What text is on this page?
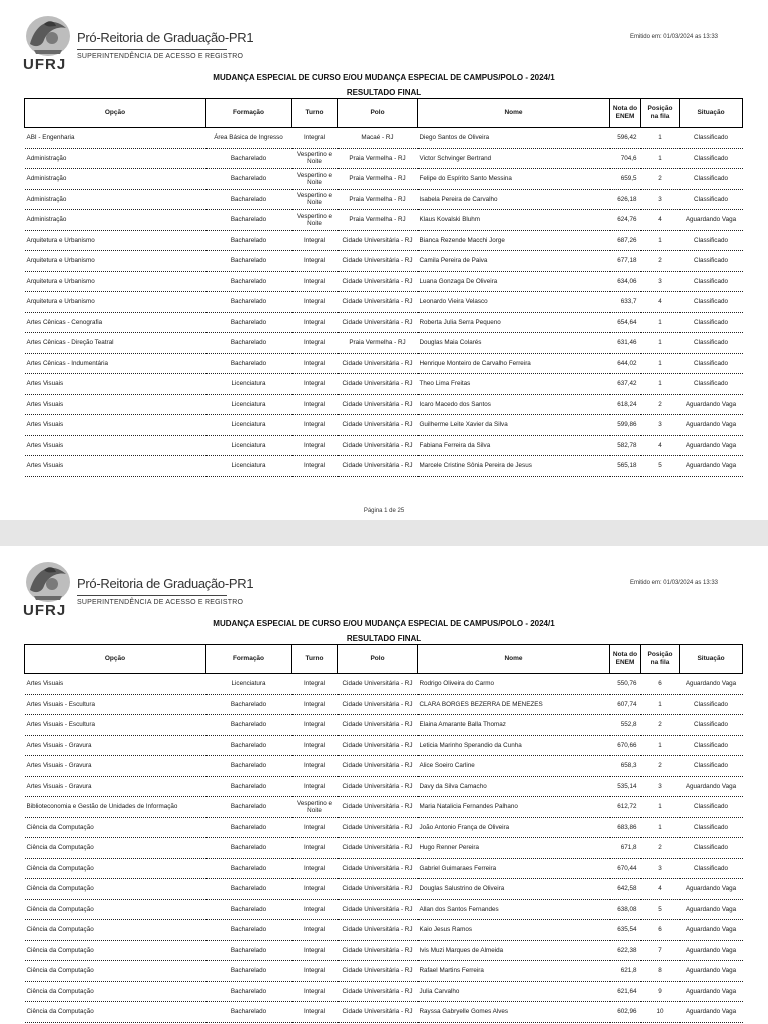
UFRJ
Pró-Reitoria de Graduação-PR1
SUPERINTENDÊNCIA DE ACESSO E REGISTRO
Emitido em: 01/03/2024 as 13:33
MUDANÇA ESPECIAL DE CURSO E/OU MUDANÇA ESPECIAL DE CAMPUS/POLO - 2024/1
RESULTADO FINAL
Opção	Formação	Turno	Polo	Nome	Nota do ENEM	Posição na fila	Situação
ABI - Engenharia	Área Básica de Ingresso	Integral	Macaé - RJ	Diego Santos de Oliveira	596,42	1	Classificado
Administração	Bacharelado	Vespertino e Noite	Praia Vermelha - RJ	Victor Schvinger Bertrand	704,6	1	Classificado
Administração	Bacharelado	Vespertino e Noite	Praia Vermelha - RJ	Felipe do Espírito Santo Messina	659,5	2	Classificado
Administração	Bacharelado	Vespertino e Noite	Praia Vermelha - RJ	Isabela Pereira de Carvalho	626,18	3	Classificado
Administração	Bacharelado	Vespertino e Noite	Praia Vermelha - RJ	Klaus Kovalski Bluhm	624,76	4	Aguardando Vaga
Arquitetura e Urbanismo	Bacharelado	Integral	Cidade Universitária - RJ	Bianca Rezende Macchi Jorge	687,26	1	Classificado
Arquitetura e Urbanismo	Bacharelado	Integral	Cidade Universitária - RJ	Camila Pereira de Paiva	677,18	2	Classificado
Arquitetura e Urbanismo	Bacharelado	Integral	Cidade Universitária - RJ	Luana Gonzaga De Oliveira	634,06	3	Classificado
Arquitetura e Urbanismo	Bacharelado	Integral	Cidade Universitária - RJ	Leonardo Vieira Velasco	633,7	4	Classificado
Artes Cênicas - Cenografia	Bacharelado	Integral	Cidade Universitária - RJ	Roberta Julia Serra Pequeno	654,64	1	Classificado
Artes Cênicas - Direção Teatral	Bacharelado	Integral	Praia Vermelha - RJ	Douglas Maia Colarés	631,46	1	Classificado
Artes Cênicas - Indumentária	Bacharelado	Integral	Cidade Universitária - RJ	Henrique Monteiro de Carvalho Ferreira	644,02	1	Classificado
Artes Visuais	Licenciatura	Integral	Cidade Universitária - RJ	Theo Lima Freitas	637,42	1	Classificado
Artes Visuais	Licenciatura	Integral	Cidade Universitária - RJ	Icaro Macedo dos Santos	618,24	2	Aguardando Vaga
Artes Visuais	Licenciatura	Integral	Cidade Universitária - RJ	Guilherme Leite Xavier da Silva	599,86	3	Aguardando Vaga
Artes Visuais	Licenciatura	Integral	Cidade Universitária - RJ	Fabiana Ferreira da Silva	582,78	4	Aguardando Vaga
Artes Visuais	Licenciatura	Integral	Cidade Universitária - RJ	Marcele Cristine Sônia Pereira de Jesus	565,18	5	Aguardando Vaga
Página 1 de 25
UFRJ
Pró-Reitoria de Graduação-PR1
SUPERINTENDÊNCIA DE ACESSO E REGISTRO
Emitido em: 01/03/2024 as 13:33
MUDANÇA ESPECIAL DE CURSO E/OU MUDANÇA ESPECIAL DE CAMPUS/POLO - 2024/1
RESULTADO FINAL
Opção	Formação	Turno	Polo	Nome	Nota do ENEM	Posição na fila	Situação
Artes Visuais	Licenciatura	Integral	Cidade Universitária - RJ	Rodrigo Oliveira do Carmo	550,76	6	Aguardando Vaga
Artes Visuais - Escultura	Bacharelado	Integral	Cidade Universitária - RJ	CLARA BORGES BEZERRA DE MENEZES	607,74	1	Classificado
Artes Visuais - Escultura	Bacharelado	Integral	Cidade Universitária - RJ	Elaina Amarante Balla Thomaz	552,8	2	Classificado
Artes Visuais - Gravura	Bacharelado	Integral	Cidade Universitária - RJ	Leticia Marinho Sperandio da Cunha	670,66	1	Classificado
Artes Visuais - Gravura	Bacharelado	Integral	Cidade Universitária - RJ	Alice Soeiro Carline	658,3	2	Classificado
Artes Visuais - Gravura	Bacharelado	Integral	Cidade Universitária - RJ	Davy da Silva Camacho	535,14	3	Aguardando Vaga
Biblioteconomia e Gestão de Unidades de Informação	Bacharelado	Vespertino e Noite	Cidade Universitária - RJ	Maria Natalicia Fernandes Palhano	612,72	1	Classificado
Ciência da Computação	Bacharelado	Integral	Cidade Universitária - RJ	João Antonio França de Oliveira	683,86	1	Classificado
Ciência da Computação	Bacharelado	Integral	Cidade Universitária - RJ	Hugo Renner Pereira	671,8	2	Classificado
Ciência da Computação	Bacharelado	Integral	Cidade Universitária - RJ	Gabriel Guimaraes Ferreira	670,44	3	Classificado
Ciência da Computação	Bacharelado	Integral	Cidade Universitária - RJ	Douglas Salustrino de Oliveira	642,58	4	Aguardando Vaga
Ciência da Computação	Bacharelado	Integral	Cidade Universitária - RJ	Allan dos Santos Fernandes	638,08	5	Aguardando Vaga
Ciência da Computação	Bacharelado	Integral	Cidade Universitária - RJ	Kaio Jesus Ramos	635,54	6	Aguardando Vaga
Ciência da Computação	Bacharelado	Integral	Cidade Universitária - RJ	Ivis Muzi Marques de Almeida	622,38	7	Aguardando Vaga
Ciência da Computação	Bacharelado	Integral	Cidade Universitária - RJ	Rafael Martins Ferreira	621,8	8	Aguardando Vaga
Ciência da Computação	Bacharelado	Integral	Cidade Universitária - RJ	Julia Carvalho	621,64	9	Aguardando Vaga
Ciência da Computação	Bacharelado	Integral	Cidade Universitária - RJ	Rayssa Gabryelle Gomes Alves	602,96	10	Aguardando Vaga
